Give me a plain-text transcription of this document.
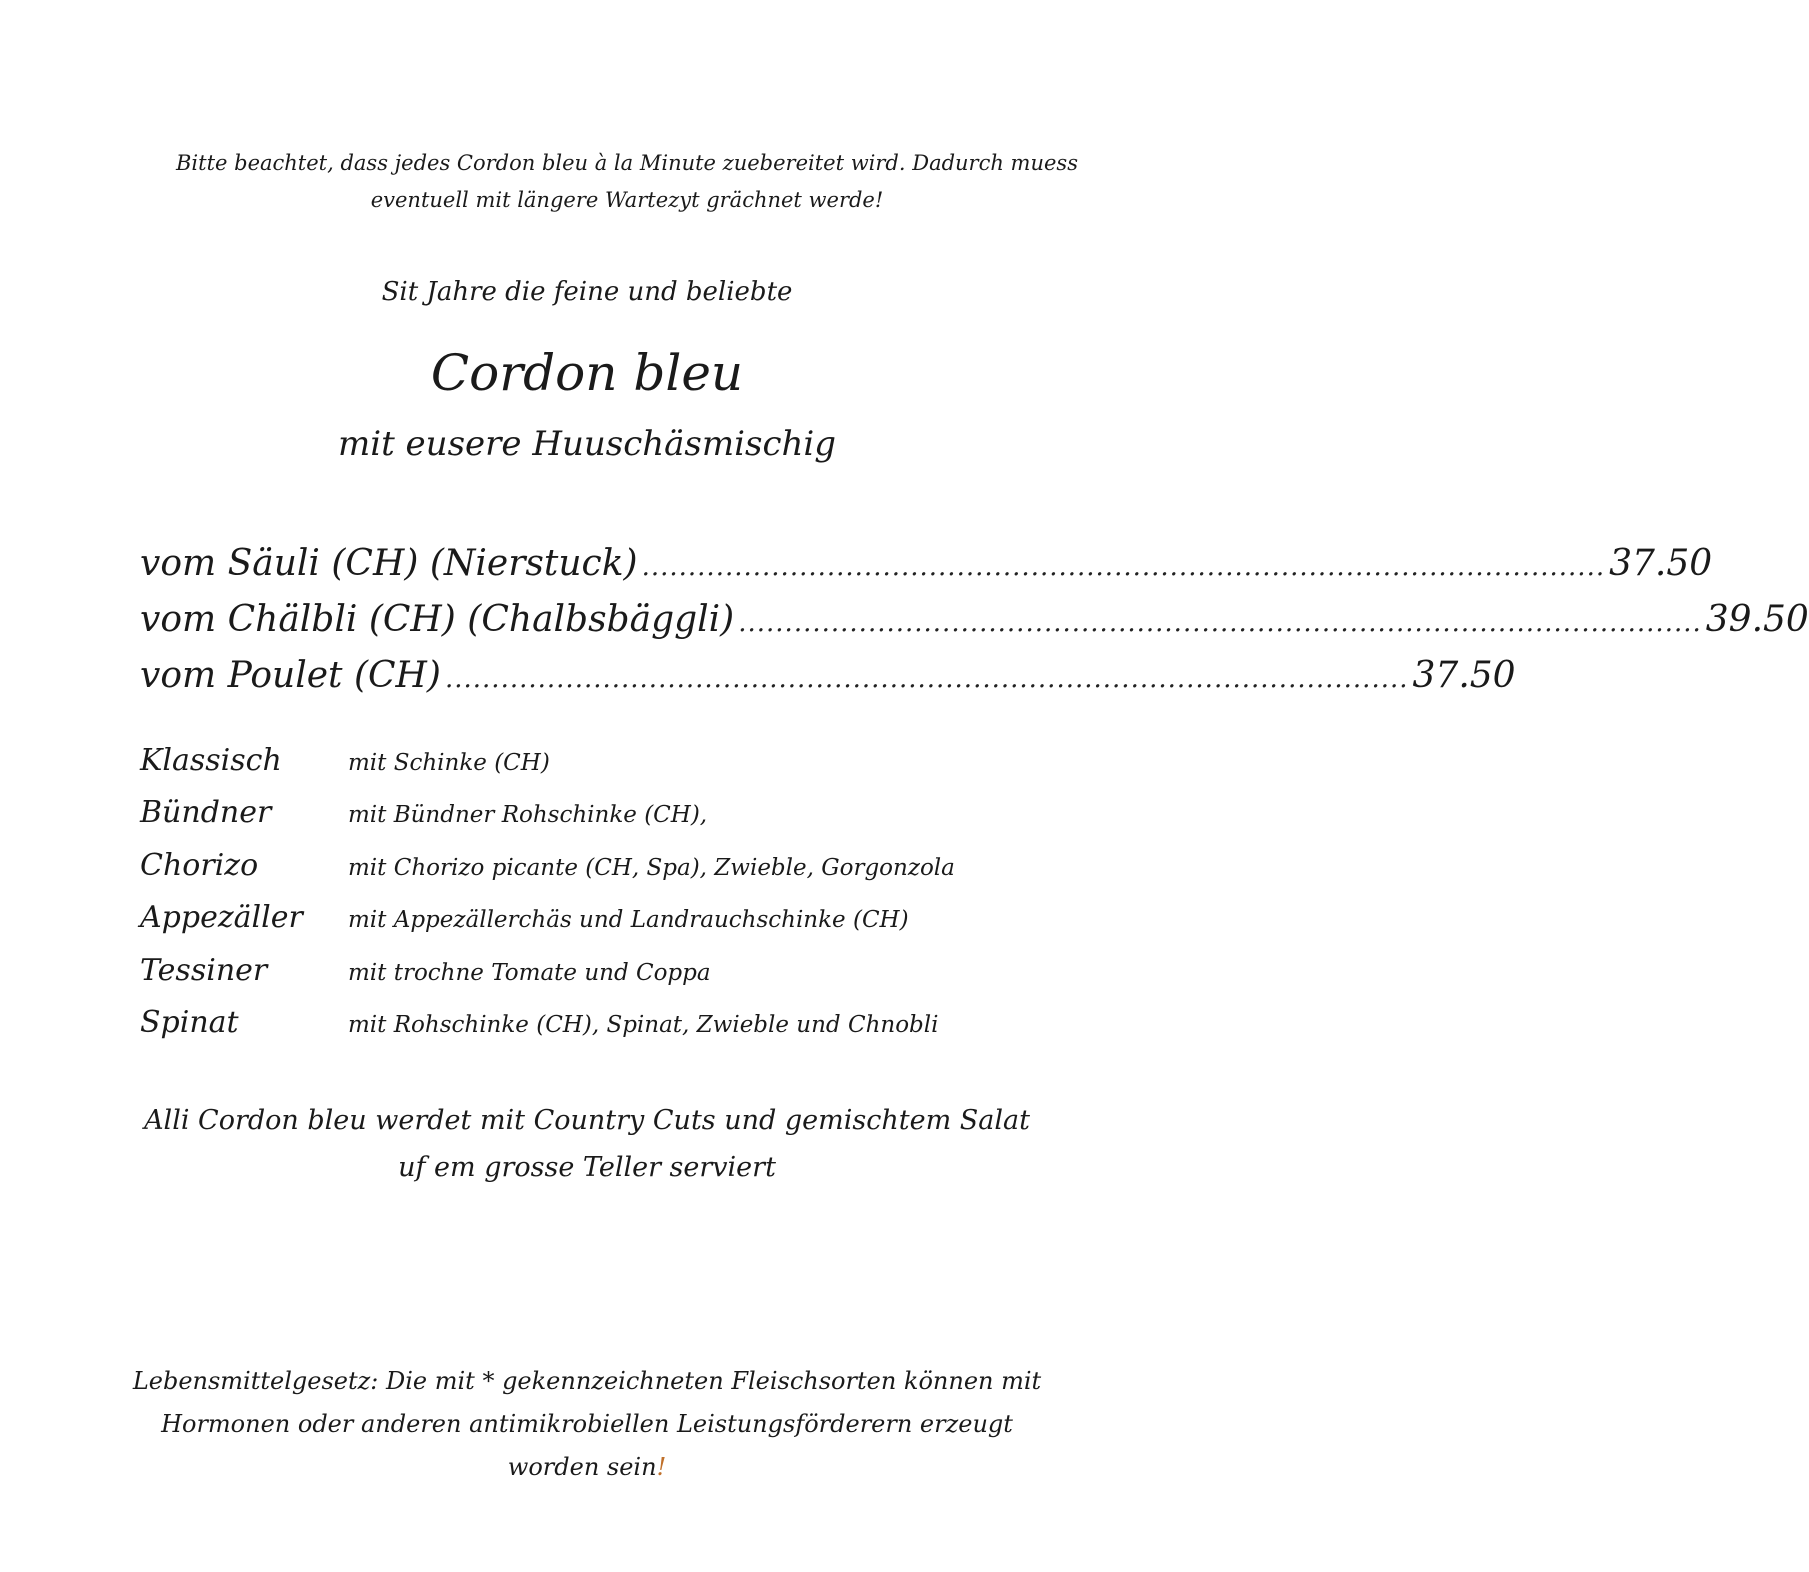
Bitte beachtet, dass jedes Cordon bleu à la Minute zuebereitet wird. Dadurch muess
eventuell mit längere Wartezyt grächnet werde!
Sit Jahre die feine und beliebte
Cordon bleu
mit eusere Huuschäsmischig
vom Säuli (CH) (Nierstuck) ........................................................................................................ 37.50
vom Chälbli (CH) (Chalbsbäggli) ........................................................................................................ 39.50
vom Poulet (CH) ........................................................................................................ 37.50
Klassisch	mit Schinke (CH)
Bündner	mit Bündner Rohschinke (CH),
Chorizo	mit Chorizo picante (CH, Spa), Zwieble, Gorgonzola
Appezäller	mit Appezällerchäs und Landrauchschinke (CH)
Tessiner	mit trochne Tomate und Coppa
Spinat	mit Rohschinke (CH), Spinat, Zwieble und Chnobli
Alli Cordon bleu werdet mit Country Cuts und gemischtem Salat
uf em grosse Teller serviert
Lebensmittelgesetz: Die mit * gekennzeichneten Fleischsorten können mit
Hormonen oder anderen antimikrobiellen Leistungsförderern erzeugt
worden sein!
